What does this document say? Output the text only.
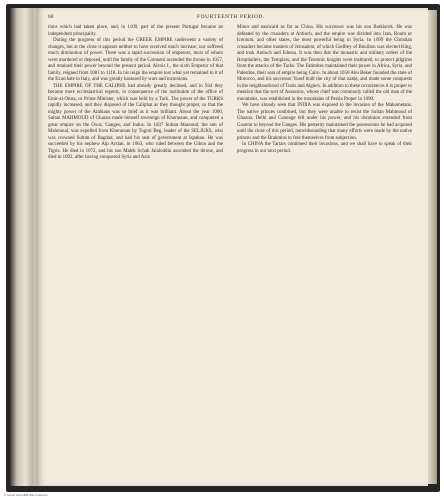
60	FOURTEENTH PERIOD.

tions which had taken place, and, in 1109, part of the present Portugal became an independent principality.

During the progress of this period the GREEK EMPIRE underwent a variety of changes, but at the close it appears neither to have received much increase, nor suffered much diminution of power. There was a rapid succession of emperors, most of whom were murdered or deposed, until the family of the Comneni ascended the throne in 1057, and retained their power beyond the present period. Alexis I., the sixth Emperor of that family, reigned from 1081 to 1118. In his reign the empire lost what yet remained to it of the Exarchate in Italy, and was greatly harassed by wars and incursions.

THE EMPIRE OF THE CALIPHS had already greatly declined, and in 934 they became mere ecclesiastical regents, in consequence of the institution of the office of Emir-al-Omra, or Prime Minister, which was held by a Turk. The power of the TURKS rapidly increased, and they disposed of the Caliphat as they thought proper, so that the mighty power of the Arabians was so brief as it was brilliant. About the year 1000, Sultan MAHMOUD of Ghazna made himself sovereign of Khorassan, and conquered a great empire on the Oxus, Ganges, and Indus. In 1037 Sultan Massoud, the son of Mahmoud, was expelled from Khorassan by Togrul Beg, leader of the SELJUKS, who was crowned Sultan of Bagdad, and had his seat of government at Ispahan. He was succeeded by his nephew Alp Arslan, in 1063, who ruled between the Gihon and the Tigris. He died in 1072, and his son Malek Schah Jalaloddin ascended the throne, and died in 1092, after having conquered Syria and Asia

Minor and eastward as far as China. His successor was his son Barkiarok. He was defeated by the crusaders at Antioch, and the empire was divided into Iran, Roum or Iconium, and other states, the most powerful being in Syria. In 1099 the Christian crusaders became masters of Jerusalem, of which Godfrey of Bouillon was elected King, and took Antioch and Edessa. It was then that the monastic and military orders of the Hospitallers, the Templars, and the Teutonic knights were instituted, to protect pilgrims from the attacks of the Turks. The Fatimites maintained their power in Africa, Syria, and Palestine, their seat of empire being Cairo. In about 1050 Abu Beker founded the state of Morocco, and his successor Yusef built the city of that name, and made some conquests in the neighbourhood of Tunis and Algiers. In addition to these occurrences it is proper to mention that the sect of Assassins, whose chief was commonly called the old man of the mountains, was established in the mountains of Persia Proper in 1090.

We have already seen that INDIA was exposed to the invasion of the Mahometans. The native princes combined, but they were unable to resist the Sultan Mahmoud of Ghazna. Delhi and Canouge fell under his power, and his dominion extended from Guzerat to beyond the Ganges. His posterity maintained the possessions he had acquired until the close of this period, notwithstanding that many efforts were made by the native princes and the Brahmins to free themselves from subjection.

In CHINA the Tartars continued their invasions, and we shall have to speak of their progress in our next period.

© Sacred Texts 1888 (Map Collection)
